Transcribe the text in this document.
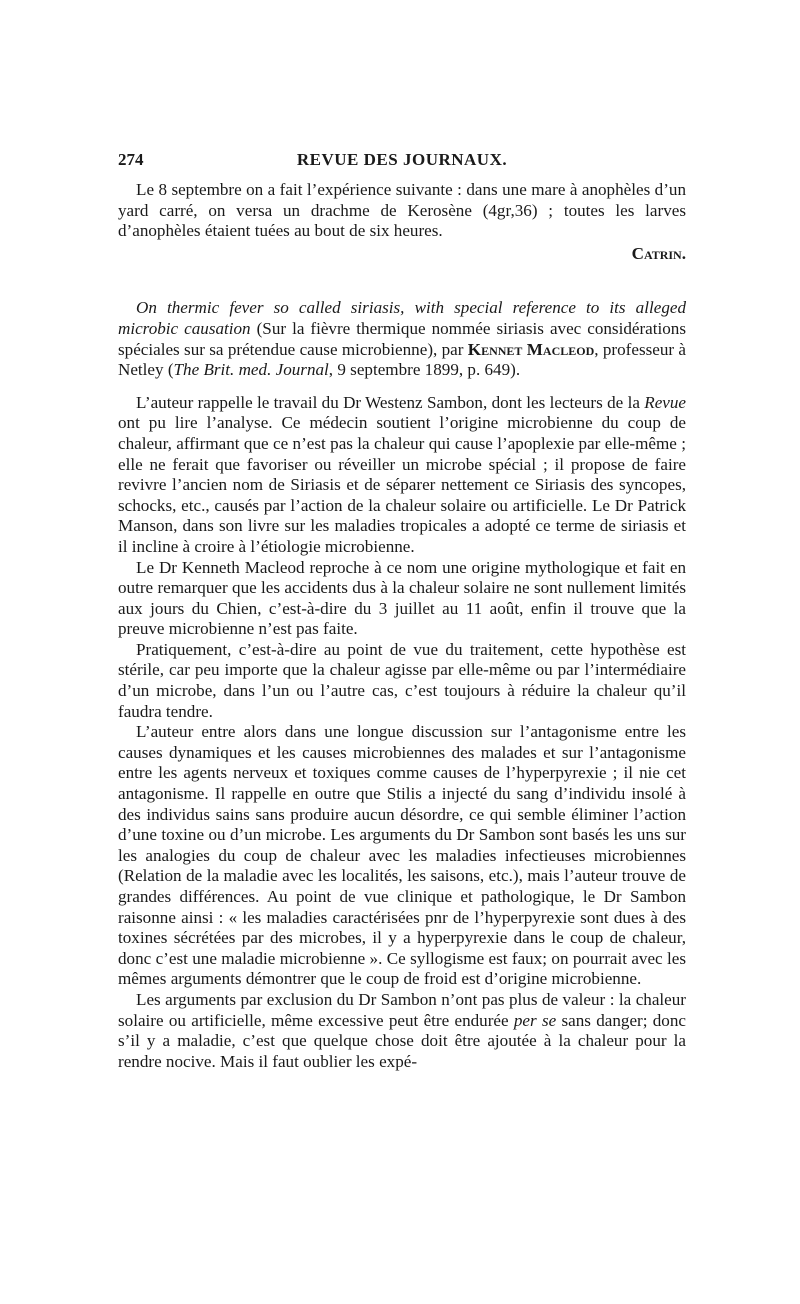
274	REVUE DES JOURNAUX.

Le 8 septembre on a fait l’expérience suivante : dans une mare à anophèles d’un yard carré, on versa un drachme de Kerosène (4gr,36) ; toutes les larves d’anophèles étaient tuées au bout de six heures.

Catrin.

On thermic fever so called siriasis, with special reference to its alleged microbic causation (Sur la fièvre thermique nommée siriasis avec considérations spéciales sur sa prétendue cause microbienne), par Kennet Macleod, professeur à Netley (The Brit. med. Journal, 9 septembre 1899, p. 649).

L’auteur rappelle le travail du Dr Westenz Sambon, dont les lecteurs de la Revue ont pu lire l’analyse. Ce médecin soutient l’origine microbienne du coup de chaleur, affirmant que ce n’est pas la chaleur qui cause l’apoplexie par elle-même ; elle ne ferait que favoriser ou réveiller un microbe spécial ; il propose de faire revivre l’ancien nom de Siriasis et de séparer nettement ce Siriasis des syncopes, schocks, etc., causés par l’action de la chaleur solaire ou artificielle. Le Dr Patrick Manson, dans son livre sur les maladies tropicales a adopté ce terme de siriasis et il incline à croire à l’étiologie microbienne.

Le Dr Kenneth Macleod reproche à ce nom une origine mythologique et fait en outre remarquer que les accidents dus à la chaleur solaire ne sont nullement limités aux jours du Chien, c’est-à-dire du 3 juillet au 11 août, enfin il trouve que la preuve microbienne n’est pas faite.

Pratiquement, c’est-à-dire au point de vue du traitement, cette hypothèse est stérile, car peu importe que la chaleur agisse par elle-même ou par l’intermédiaire d’un microbe, dans l’un ou l’autre cas, c’est toujours à réduire la chaleur qu’il faudra tendre.

L’auteur entre alors dans une longue discussion sur l’antagonisme entre les causes dynamiques et les causes microbiennes des malades et sur l’antagonisme entre les agents nerveux et toxiques comme causes de l’hyperpyrexie ; il nie cet antagonisme. Il rappelle en outre que Stilis a injecté du sang d’individu insolé à des individus sains sans produire aucun désordre, ce qui semble éliminer l’action d’une toxine ou d’un microbe. Les arguments du Dr Sambon sont basés les uns sur les analogies du coup de chaleur avec les maladies infectieuses microbiennes (Relation de la maladie avec les localités, les saisons, etc.), mais l’auteur trouve de grandes différences. Au point de vue clinique et pathologique, le Dr Sambon raisonne ainsi : « les maladies caractérisées pnr de l’hyperpyrexie sont dues à des toxines sécrétées par des microbes, il y a hyperpyrexie dans le coup de chaleur, donc c’est une maladie microbienne ». Ce syllogisme est faux; on pourrait avec les mêmes arguments démontrer que le coup de froid est d’origine microbienne.

Les arguments par exclusion du Dr Sambon n’ont pas plus de valeur : la chaleur solaire ou artificielle, même excessive peut être endurée per se sans danger; donc s’il y a maladie, c’est que quelque chose doit être ajoutée à la chaleur pour la rendre nocive. Mais il faut oublier les expé-
